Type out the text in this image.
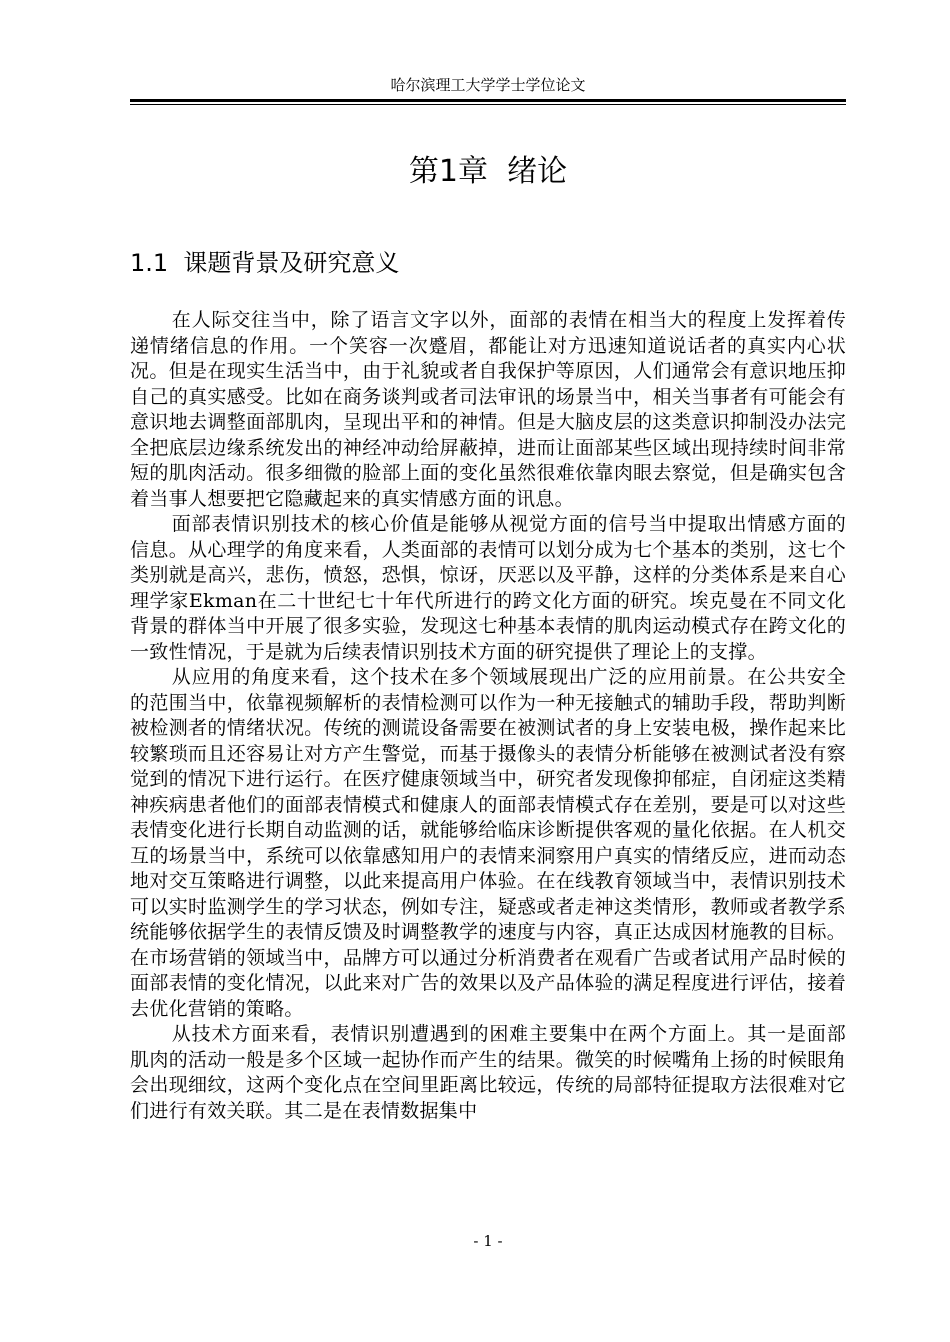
哈尔滨理工大学学士学位论文
第1章  绪论
1.1  课题背景及研究意义

在人际交往当中，除了语言文字以外，面部的表情在相当大的程度上发挥着传递情绪信息的作用。一个笑容一次蹙眉，都能让对方迅速知道说话者的真实内心状况。但是在现实生活当中，由于礼貌或者自我保护等原因，人们通常会有意识地压抑自己的真实感受。比如在商务谈判或者司法审讯的场景当中，相关当事者有可能会有意识地去调整面部肌肉，呈现出平和的神情。但是大脑皮层的这类意识抑制没办法完全把底层边缘系统发出的神经冲动给屏蔽掉，进而让面部某些区域出现持续时间非常短的肌肉活动。很多细微的脸部上面的变化虽然很难依靠肉眼去察觉，但是确实包含着当事人想要把它隐藏起来的真实情感方面的讯息。

面部表情识别技术的核心价值是能够从视觉方面的信号当中提取出情感方面的信息。从心理学的角度来看，人类面部的表情可以划分成为七个基本的类别，这七个类别就是高兴，悲伤，愤怒，恐惧，惊讶，厌恶以及平静，这样的分类体系是来自心理学家Ekman在二十世纪七十年代所进行的跨文化方面的研究。埃克曼在不同文化背景的群体当中开展了很多实验，发现这七种基本表情的肌肉运动模式存在跨文化的一致性情况，于是就为后续表情识别技术方面的研究提供了理论上的支撑。

从应用的角度来看，这个技术在多个领域展现出广泛的应用前景。在公共安全的范围当中，依靠视频解析的表情检测可以作为一种无接触式的辅助手段，帮助判断被检测者的情绪状况。传统的测谎设备需要在被测试者的身上安装电极，操作起来比较繁琐而且还容易让对方产生警觉，而基于摄像头的表情分析能够在被测试者没有察觉到的情况下进行运行。在医疗健康领域当中，研究者发现像抑郁症，自闭症这类精神疾病患者他们的面部表情模式和健康人的面部表情模式存在差别，要是可以对这些表情变化进行长期自动监测的话，就能够给临床诊断提供客观的量化依据。在人机交互的场景当中，系统可以依靠感知用户的表情来洞察用户真实的情绪反应，进而动态地对交互策略进行调整，以此来提高用户体验。在在线教育领域当中，表情识别技术可以实时监测学生的学习状态，例如专注，疑惑或者走神这类情形，教师或者教学系统能够依据学生的表情反馈及时调整教学的速度与内容，真正达成因材施教的目标。在市场营销的领域当中，品牌方可以通过分析消费者在观看广告或者试用产品时候的面部表情的变化情况，以此来对广告的效果以及产品体验的满足程度进行评估，接着去优化营销的策略。

从技术方面来看，表情识别遭遇到的困难主要集中在两个方面上。其一是面部肌肉的活动一般是多个区域一起协作而产生的结果。微笑的时候嘴角上扬的时候眼角会出现细纹，这两个变化点在空间里距离比较远，传统的局部特征提取方法很难对它们进行有效关联。其二是在表情数据集中

- 1 -
